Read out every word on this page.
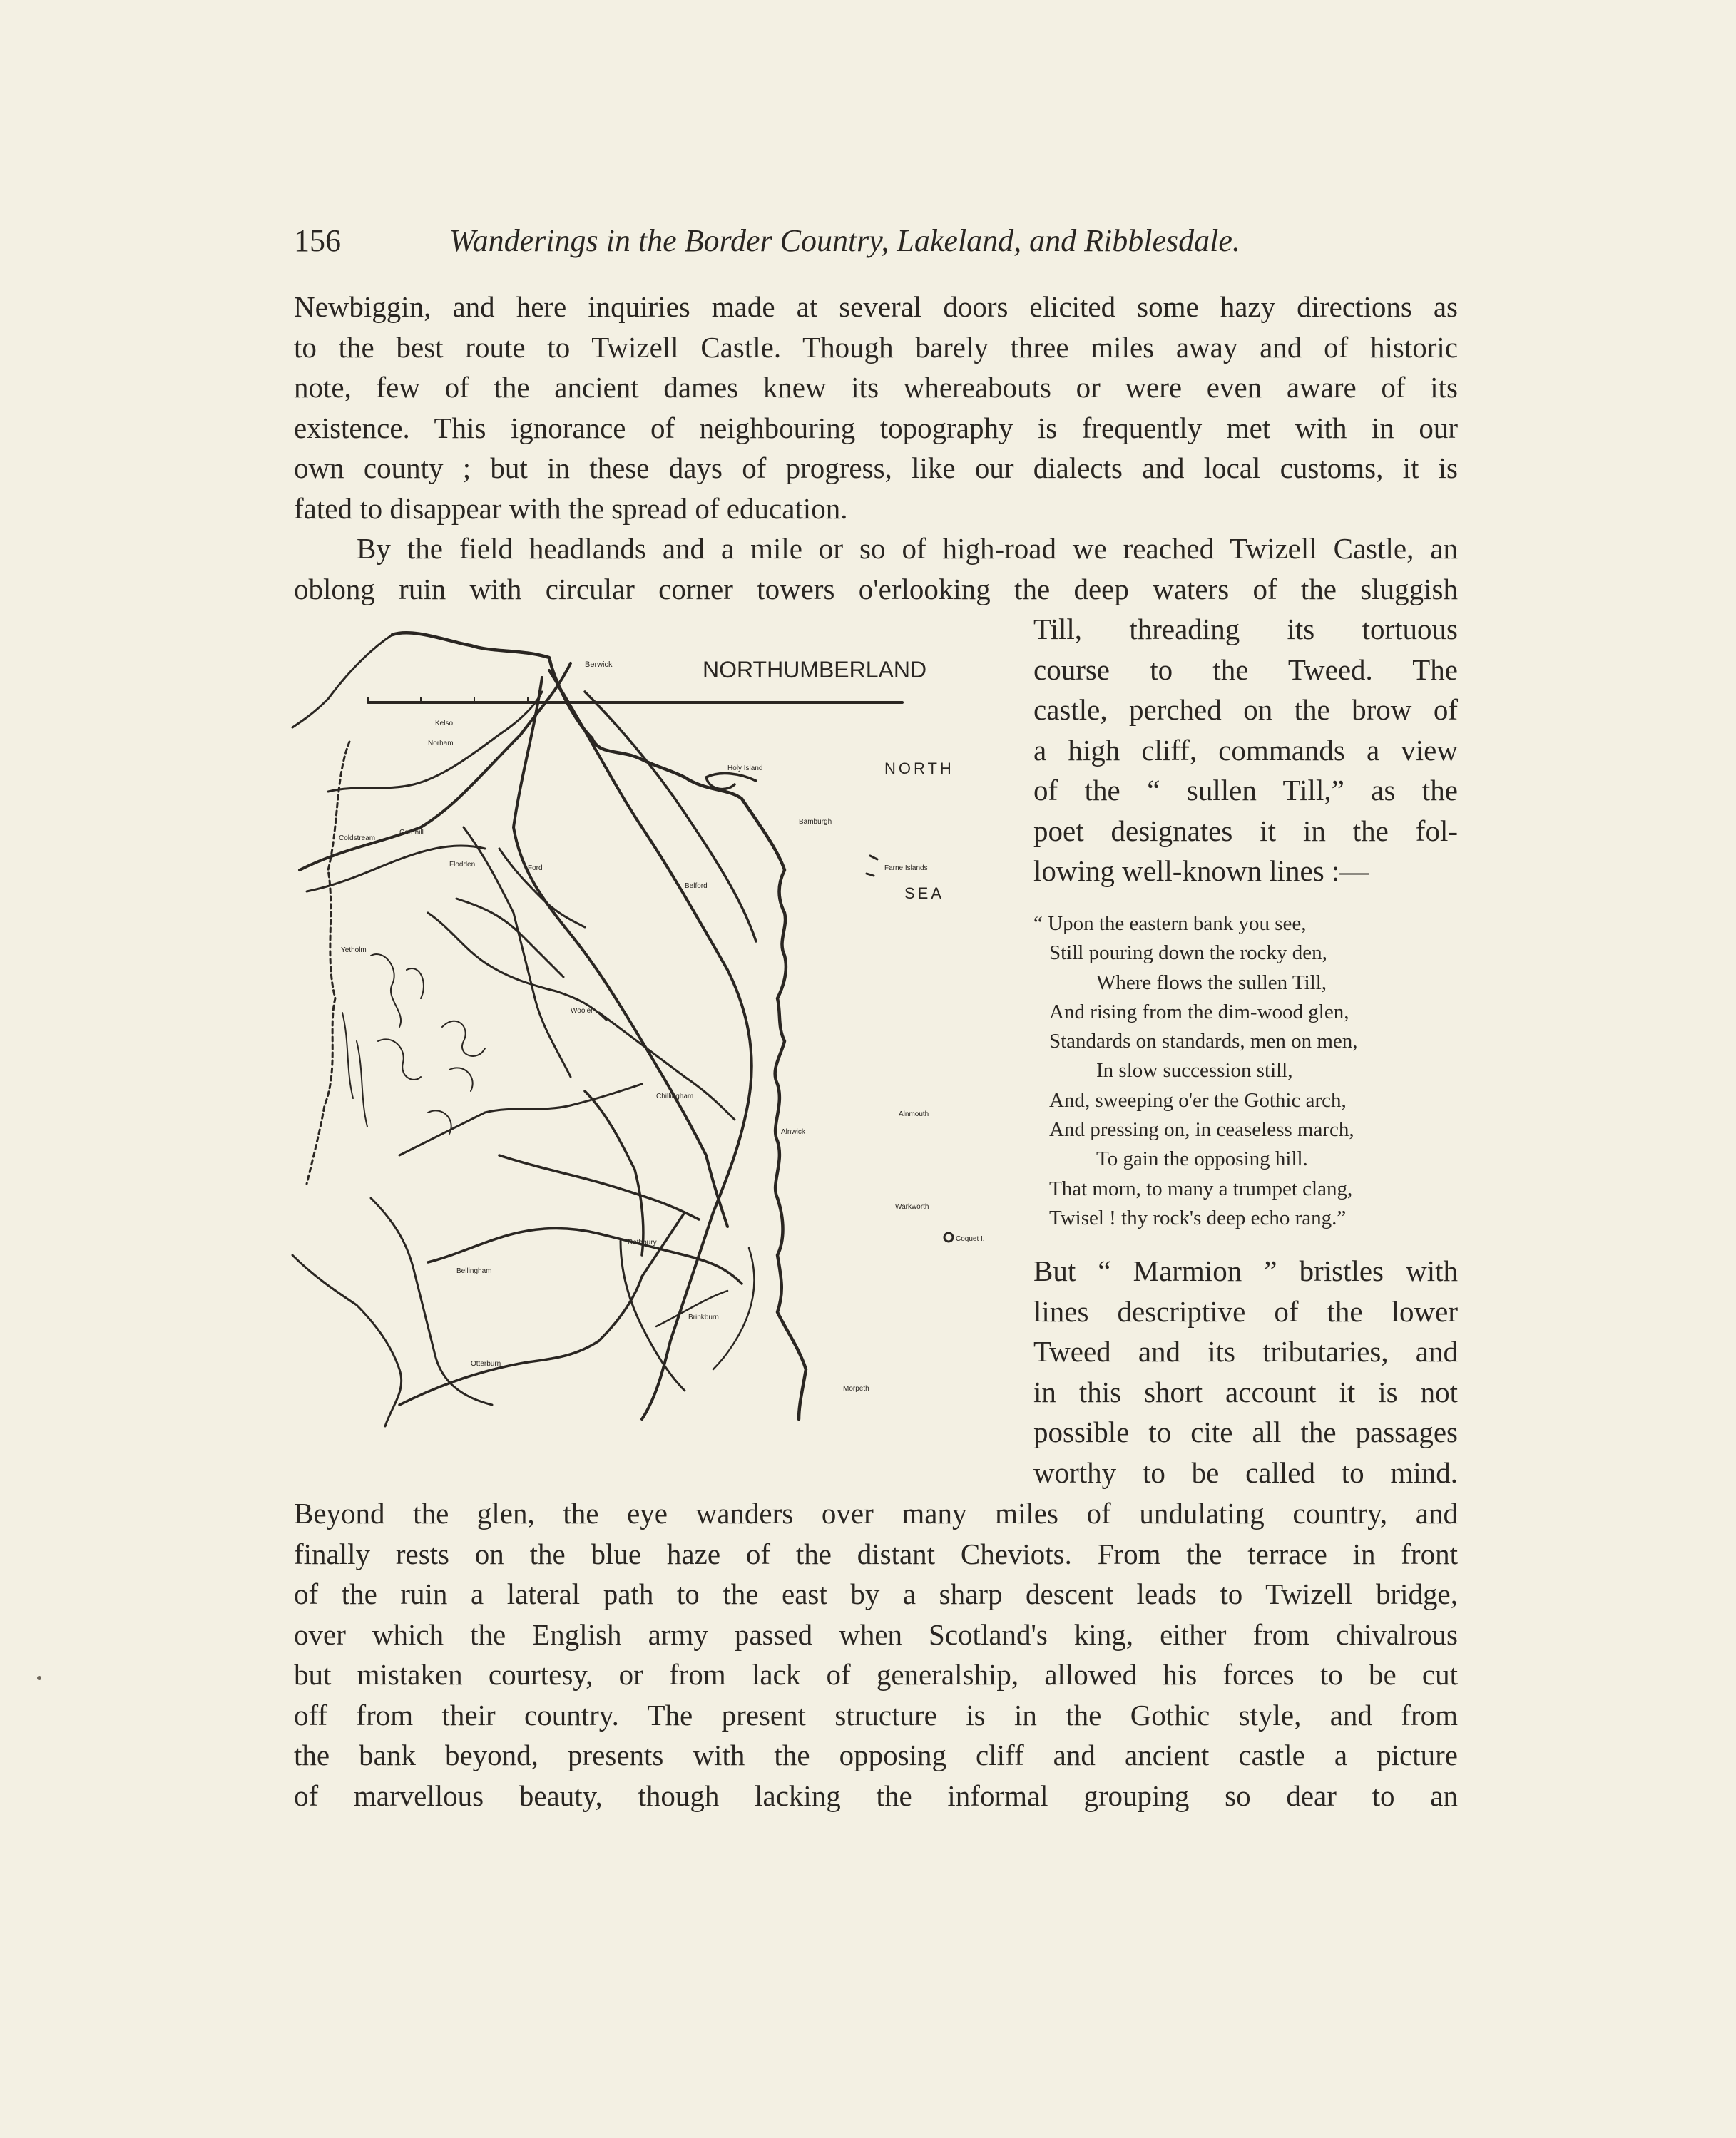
156	Wanderings in the Border Country, Lakeland, and Ribblesdale.
Newbiggin, and here inquiries made at several doors elicited some hazy directions as
to the best route to Twizell Castle. Though barely three miles away and of historic
note, few of the ancient dames knew its whereabouts or were even aware of its
existence. This ignorance of neighbouring topography is frequently met with in our
own county ; but in these days of progress, like our dialects and local customs, it is
fated to disappear with the spread of education.
By the field headlands and a mile or so of high-road we reached Twizell Castle, an
oblong ruin with circular corner towers o'erlooking the deep waters of the sluggish
Till, threading its tortuous
course to the Tweed. The
castle, perched on the brow of
a high cliff, commands a view
of the “ sullen Till,” as the
poet designates it in the fol-
lowing well-known lines :—
“ Upon the eastern bank you see,
Still pouring down the rocky den,
Where flows the sullen Till,
And rising from the dim-wood glen,
Standards on standards, men on men,
In slow succession still,
And, sweeping o'er the Gothic arch,
And pressing on, in ceaseless march,
To gain the opposing hill.
That morn, to many a trumpet clang,
Twisel ! thy rock's deep echo rang.”
But “ Marmion ” bristles with
lines descriptive of the lower
Tweed and its tributaries, and
in this short account it is not
possible to cite all the passages
worthy to be called to mind.
Beyond the glen, the eye wanders over many miles of undulating country, and
finally rests on the blue haze of the distant Cheviots. From the terrace in front
of the ruin a lateral path to the east by a sharp descent leads to Twizell bridge,
over which the English army passed when Scotland's king, either from chivalrous
but mistaken courtesy, or from lack of generalship, allowed his forces to be cut
off from their country. The present structure is in the Gothic style, and from
the bank beyond, presents with the opposing cliff and ancient castle a picture
of marvellous beauty, though lacking the informal grouping so dear to an
NORTHUMBERLAND
NORTH
SEA
Berwick
Holy Island
Bamburgh
Belford
Alnwick
Morpeth
Rothbury
Wooler
Ford
Flodden
Coldstream
Cornhill
Norham
Kelso
Yetholm
Chillingham
Warkworth
Coquet I.
Alnmouth
Otterburn
Bellingham
Farne Islands
Brinkburn
